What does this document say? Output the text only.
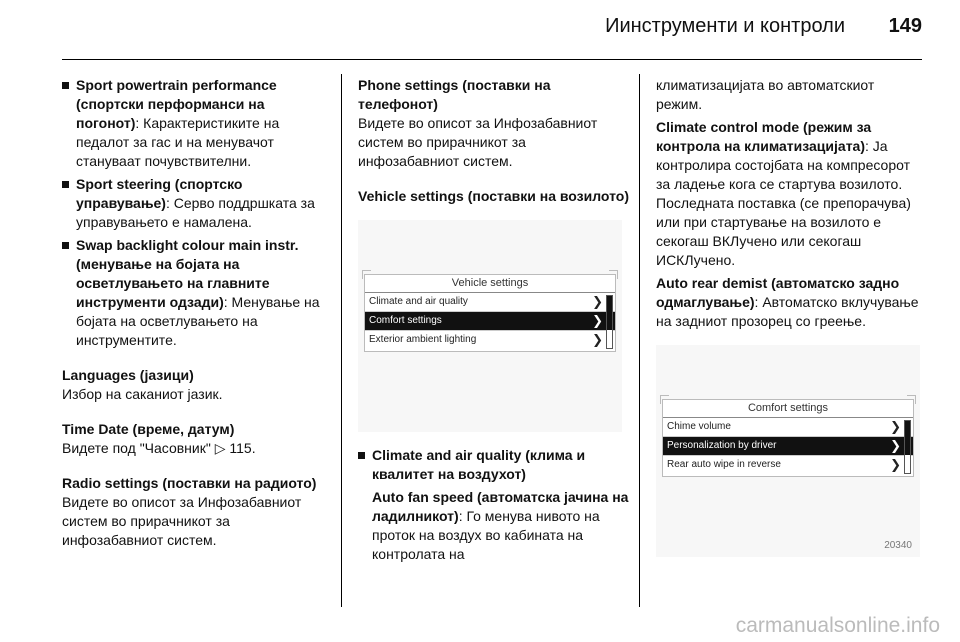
Иинструменти и контроли 149
Sport powertrain performance (спортски перформанси на погонот): Карактеристиките на педалот за гас и на менувачот стануваат почувствителни.
Sport steering (спортско управување): Серво поддршката за управувањето е намалена.
Swap backlight colour main instr. (менување на бојата на осветлувањето на главните инструменти одзади): Менување на бојата на осветлувањето на инструментите.

Languages (јазици)

Избор на саканиот јазик.

Time Date (време, датум)

Видете под "Часовник" ▷ 115.

Radio settings (поставки на радиото)

Видете во описот за Инфозабавниот систем во прирачникот за инфозабавниот систем.

Phone settings (поставки на телефонот)

Видете во описот за Инфозабавниот систем во прирачникот за инфозабавниот систем.

Vehicle settings (поставки на возилото)

Vehicle settings
Climate and air quality	❯
Comfort settings	❯
Exterior ambient lighting	❯
Climate and air quality (клима и квалитет на воздухот)
Auto fan speed (автоматска јачина на ладилникот): Го менува нивото на проток на воздух во кабината на контролата на

климатизацијата во автоматскиот режим.

Climate control mode (режим за контрола на климатизацијата): Ја контролира состојбата на компресорот за ладење кога се стартува возилото. Последната поставка (се препорачува) или при стартување на возилото е секогаш ВКЛучено или секогаш ИСКЛучено.

Auto rear demist (автоматско задно одмаглување): Автоматско вклучување на задниот прозорец со греење.

Comfort settings
Chime volume	❯
Personalization by driver	❯
Rear auto wipe in reverse	❯
20340
carmanualsonline.info
